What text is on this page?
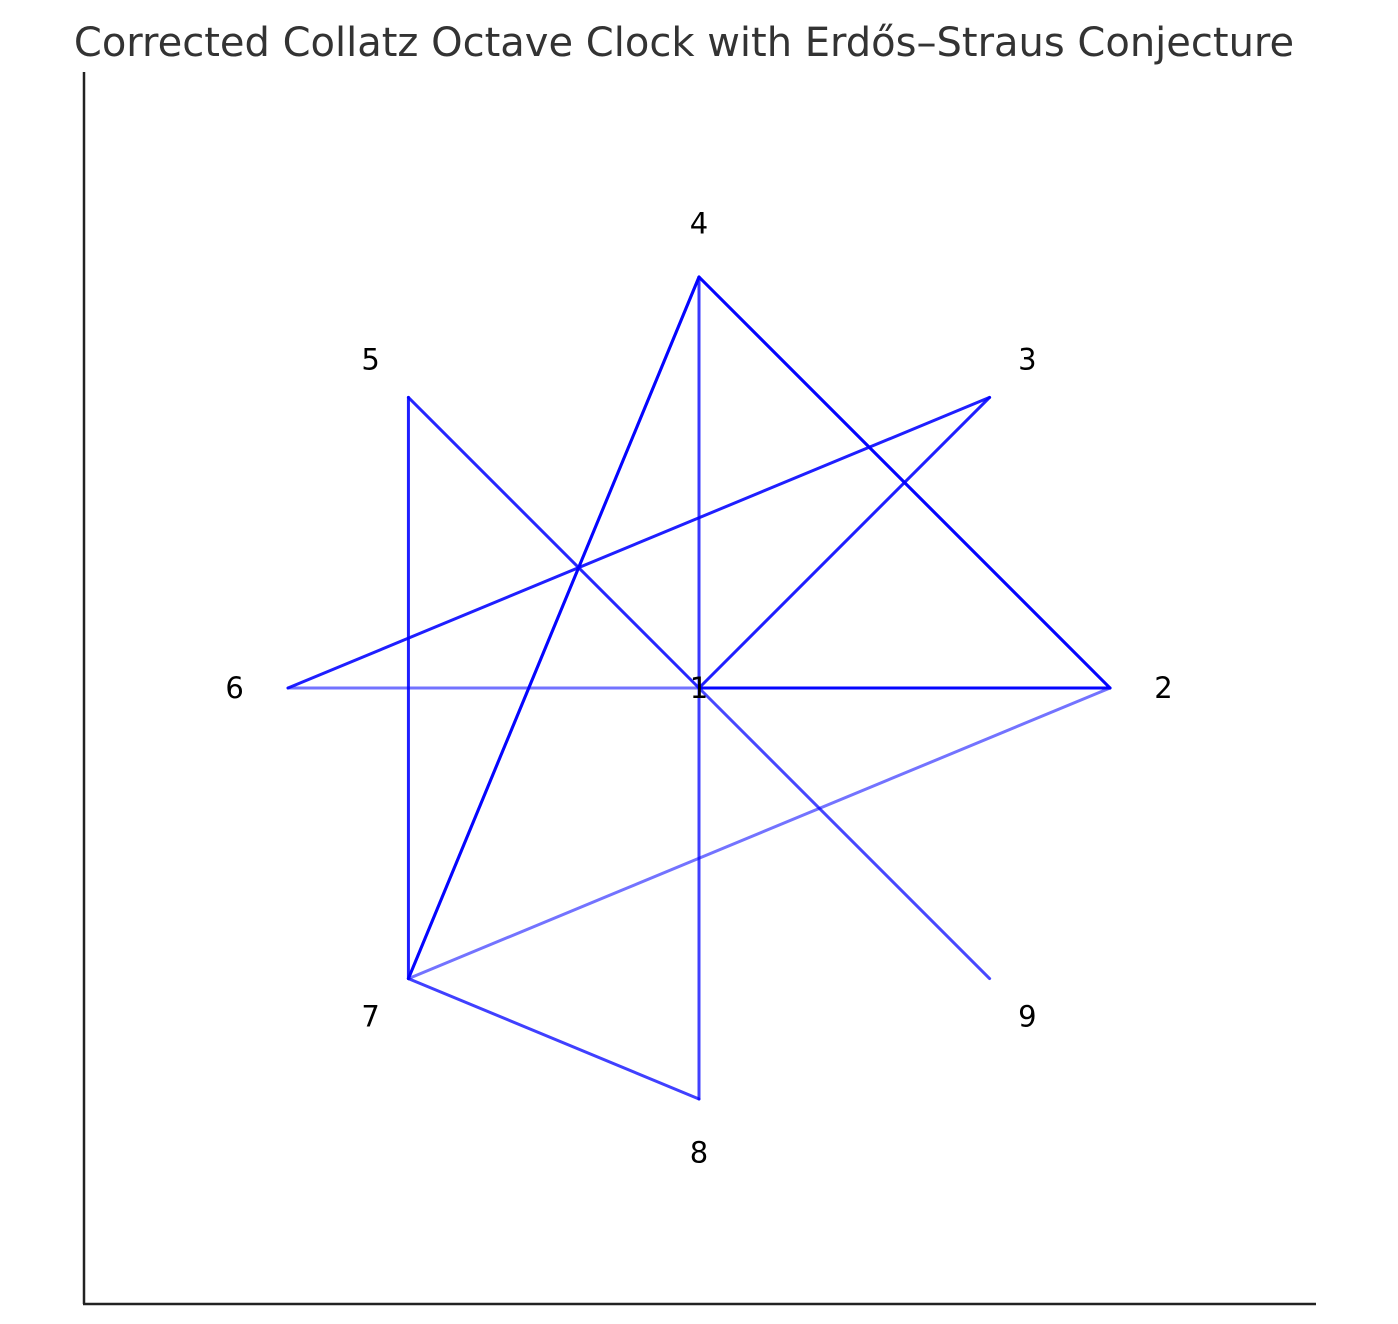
Corrected Collatz Octave Clock with Erdős–Straus Conjecture
1	2
3
4
5
6
7
8
9
